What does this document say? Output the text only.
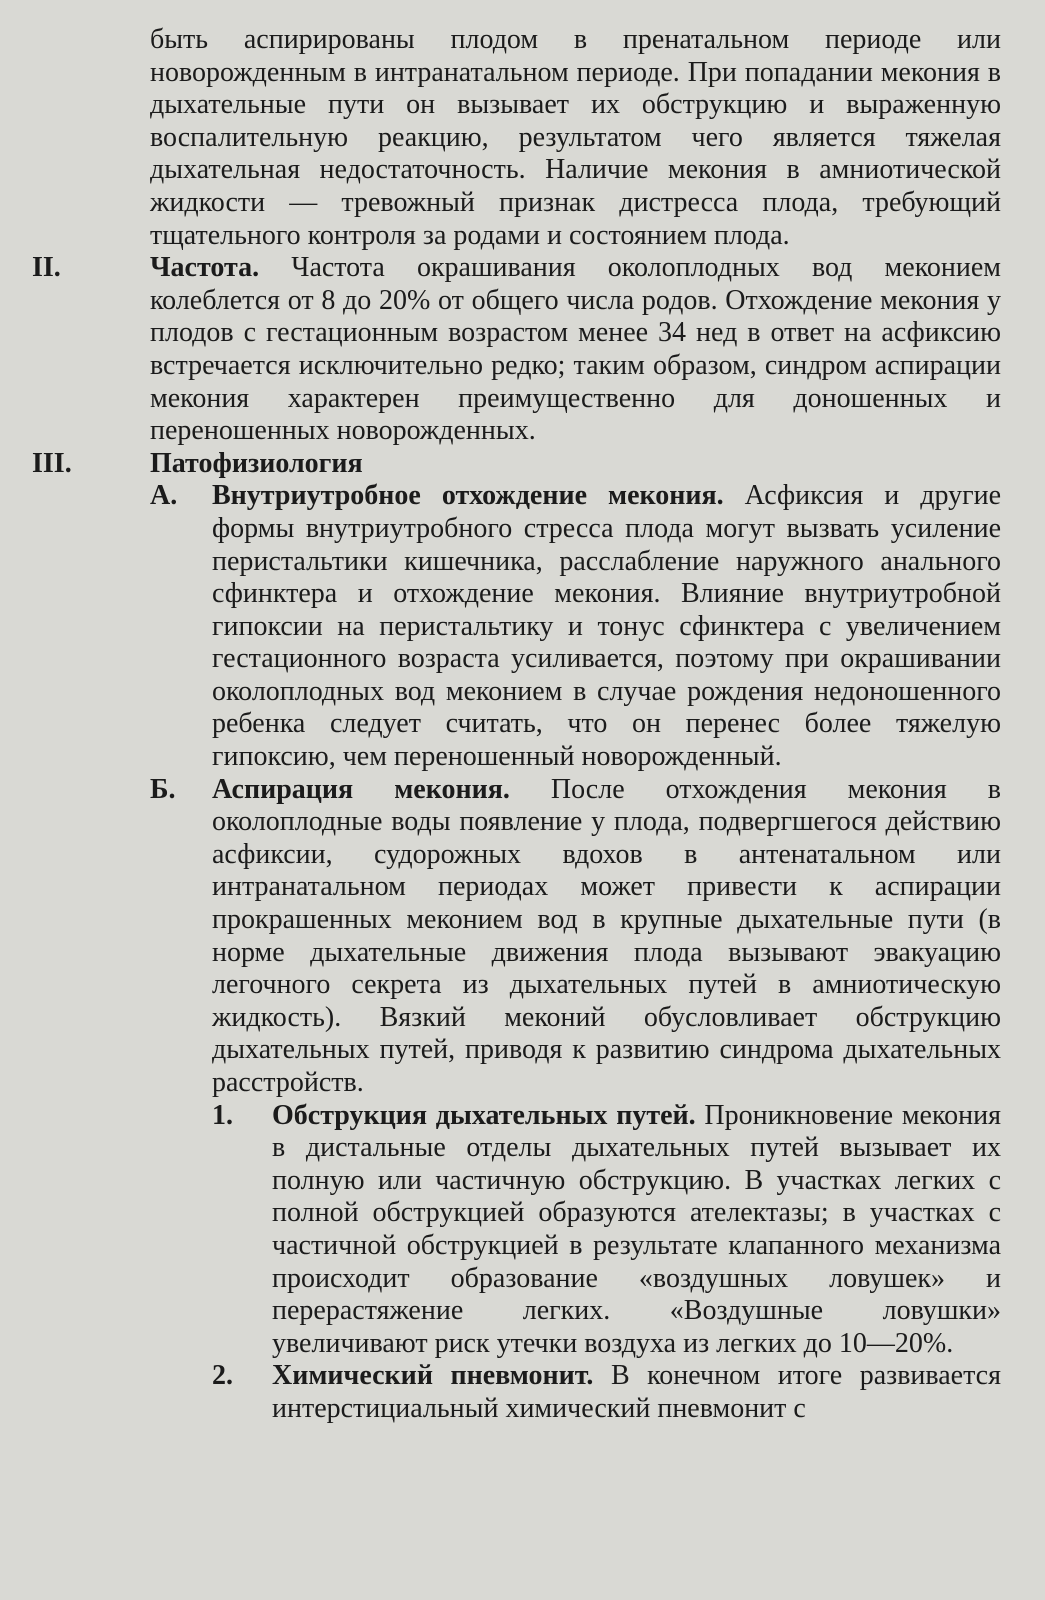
быть аспирированы плодом в пренатальном периоде или новорожденным в интранатальном периоде. При попадании мекония в дыхательные пути он вызывает их обструкцию и выраженную воспалительную реакцию, результатом чего является тяжелая дыхательная недостаточность. Наличие мекония в амниотической жидкости — тревожный признак дистресса плода, требующий тщательного контроля за родами и состоянием плода.

II.	Частота. Частота окрашивания околоплодных вод меконием колеблется от 8 до 20% от общего числа родов. Отхождение мекония у плодов с гестационным возрастом менее 34 нед в ответ на асфиксию встречается исключительно редко; таким образом, синдром аспирации мекония характерен преимущественно для доношенных и переношенных новорожденных.
III.	Патофизиология
А. Внутриутробное отхождение мекония. Асфиксия и другие формы внутриутробного стресса плода могут вызвать усиление перистальтики кишечника, расслабление наружного анального сфинктера и отхождение мекония. Влияние внутриутробной гипоксии на перистальтику и тонус сфинктера с увеличением гестационного возраста усиливается, поэтому при окрашивании околоплодных вод меконием в случае рождения недоношенного ребенка следует считать, что он перенес более тяжелую гипоксию, чем переношенный новорожденный.
Б. Аспирация мекония. После отхождения мекония в околоплодные воды появление у плода, подвергшегося действию асфиксии, судорожных вдохов в антенатальном или интранатальном периодах может привести к аспирации прокрашенных меконием вод в крупные дыхательные пути (в норме дыхательные движения плода вызывают эвакуацию легочного секрета из дыхательных путей в амниотическую жидкость). Вязкий меконий обусловливает обструкцию дыхательных путей, приводя к развитию синдрома дыхательных расстройств.
1. Обструкция дыхательных путей. Проникновение мекония в дистальные отделы дыхательных путей вызывает их полную или частичную обструкцию. В участках легких с полной обструкцией образуются ателектазы; в участках с частичной обструкцией в результате клапанного механизма происходит образование «воздушных ловушек» и перерастяжение легких. «Воздушные ловушки» увеличивают риск утечки воздуха из легких до 10—20%.
2. Химический пневмонит. В конечном итоге развивается интерстициальный химический пневмонит с
